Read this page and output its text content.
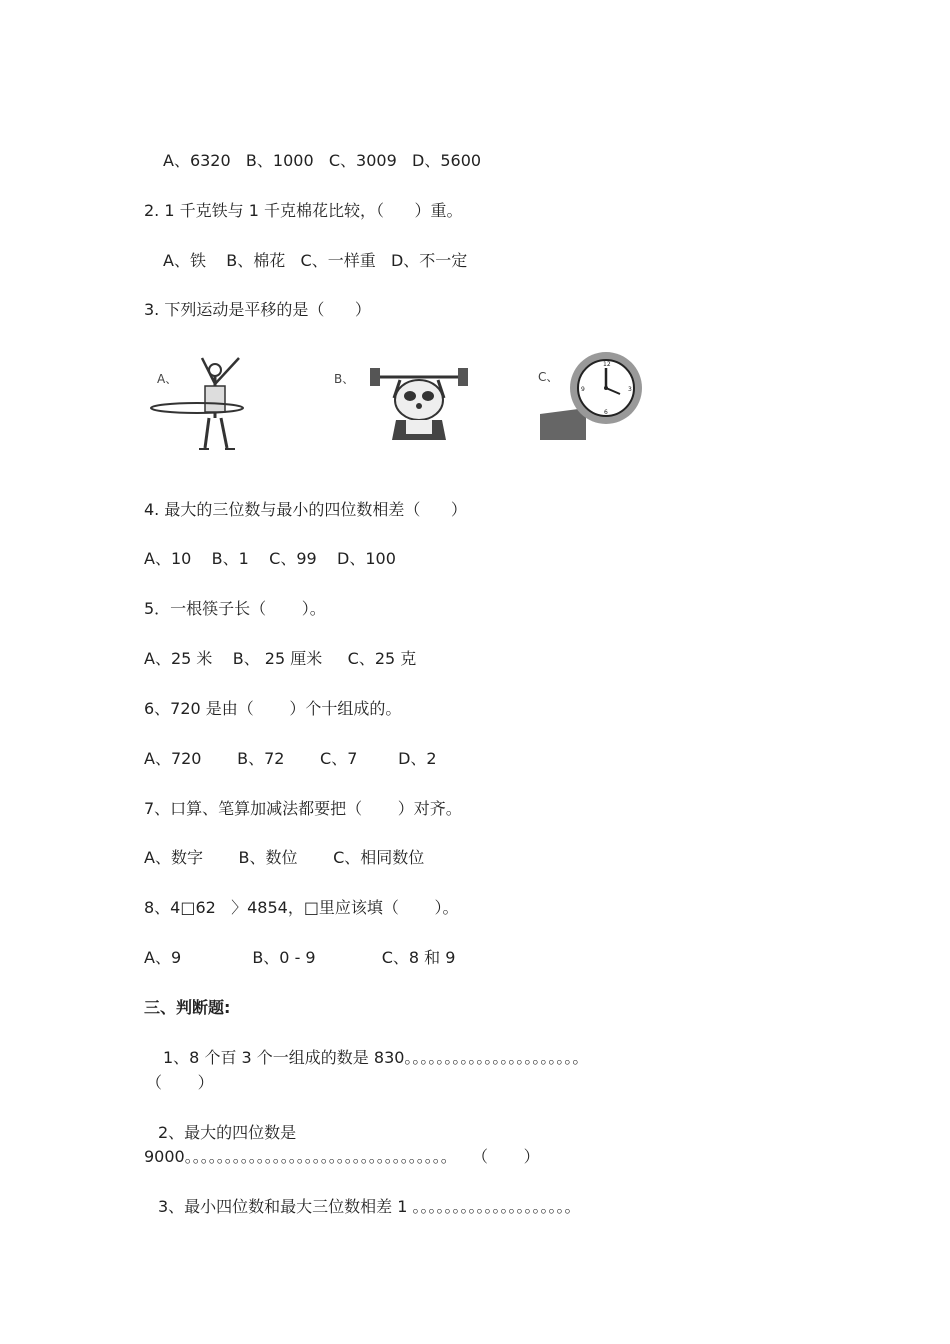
A、6320   B、1000   C、3009   D、5600
2. 1 千克铁与 1 千克棉花比较，（      ）重。
A、铁    B、棉花   C、一样重   D、不一定
3. 下列运动是平移的是（      ）
A、	B、	C、
12
3
6
9
4. 最大的三位数与最小的四位数相差（      ）
A、10    B、1    C、99    D、100
5．一根筷子长（       ）。
A、25 米    B、 25 厘米     C、25 克
6、720 是由（       ）个十组成的。
A、720       B、72       C、7        D、2
7、口算、笔算加减法都要把（       ）对齐。
A、数字       B、数位       C、相同数位
8、4□62   〉4854，□里应该填（       ）。
A、9              B、0 - 9             C、8 和 9
三、判断题:
1、8 个百 3 个一组成的数是 830。。。。。。。。。。。。。。。。。。。。。。
（       ）
2、最大的四位数是
9000。。。。。。。。。。。。。。。。。。。。。。。。。。。。。。。。。   （       ）
3、最小四位数和最大三位数相差 1 。。。。。。。。。。。。。。。。。。。。
